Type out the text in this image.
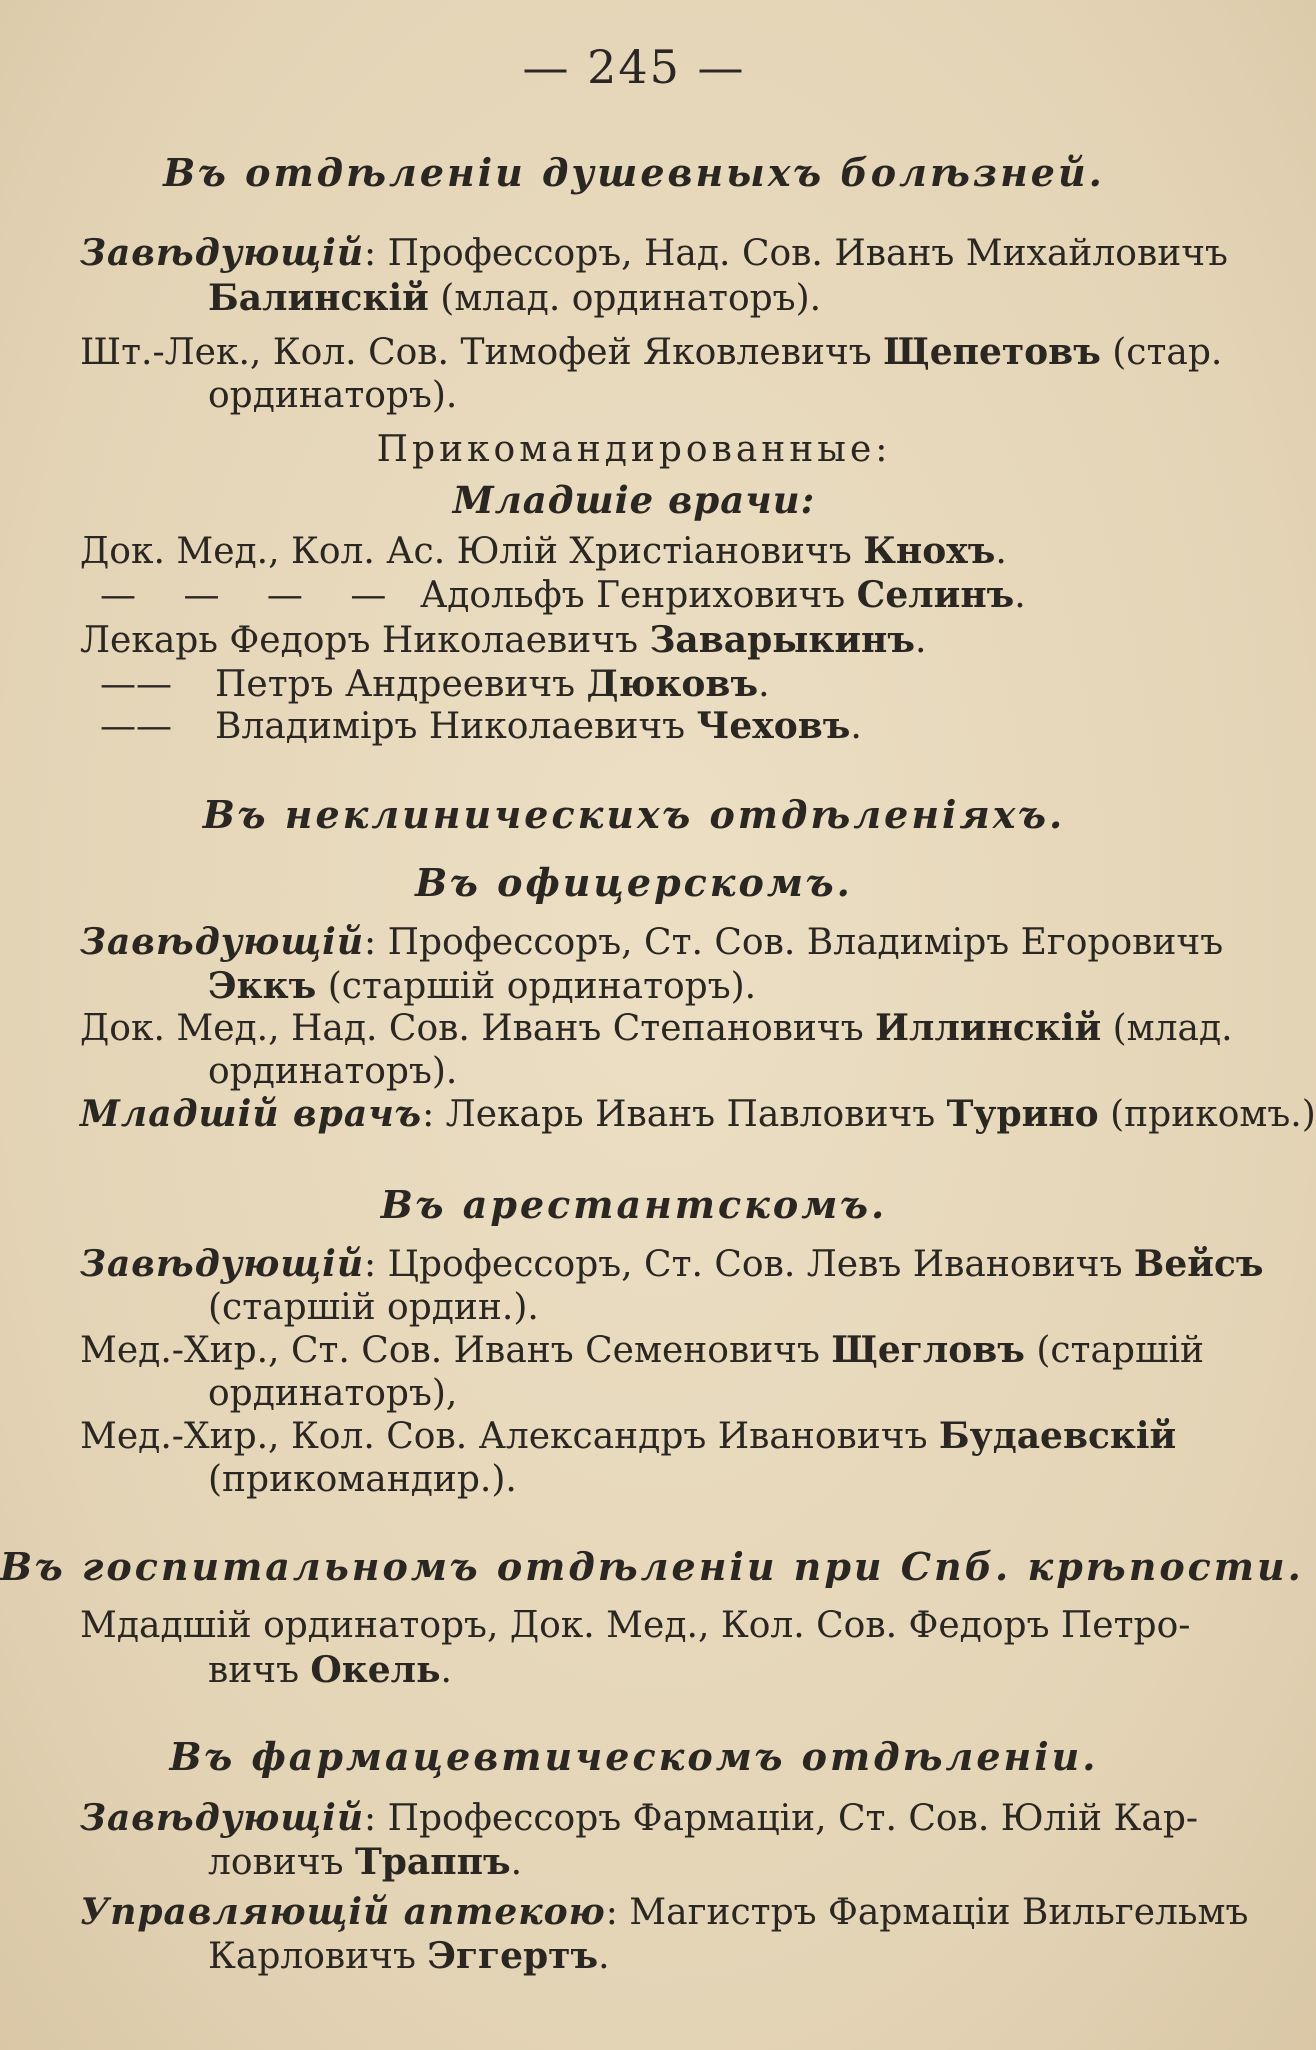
— 245 —
Въ отдѣленіи душевныхъ болѣзней.
Завѣдующій: Профессоръ, Над. Сов. Иванъ Михайловичъ
Балинскій (млад. ординаторъ).
Шт.-Лек., Кол. Сов. Тимофей Яковлевичъ Щепетовъ (стар.
ординаторъ).
Прикомандированные:
Младшіе врачи:
Док. Мед., Кол. Ас. Юлій Христіановичъ Кнохъ.
— — — — Адольфъ Генриховичъ Селинъ.
Лекарь Федоръ Николаевичъ Заварыкинъ.
—— Петръ Андреевичъ Дюковъ.
—— Владиміръ Николаевичъ Чеховъ.
Въ неклиническихъ отдѣленіяхъ.
Въ офицерскомъ.
Завѣдующій: Профессоръ, Ст. Сов. Владиміръ Егоровичъ
Эккъ (старшій ординаторъ).
Док. Мед., Над. Сов. Иванъ Степановичъ Иллинскій (млад.
ординаторъ).
Младшій врачъ: Лекарь Иванъ Павловичъ Турино (прикомъ.)
Въ арестантскомъ.
Завѣдующій: Црофессоръ, Ст. Сов. Левъ Ивановичъ Вейсъ
(старшій ордин.).
Мед.-Хир., Ст. Сов. Иванъ Семеновичъ Щегловъ (старшій
ординаторъ),
Мед.-Хир., Кол. Сов. Александръ Ивановичъ Будаевскій
(прикомандир.).
Въ госпитальномъ отдѣленіи при Спб. крѣпости.
Мдадшій ординаторъ, Док. Мед., Кол. Сов. Федоръ Петро-
вичъ Окель.
Въ фармацевтическомъ отдѣленіи.
Завѣдующій: Профессоръ Фармаціи, Ст. Сов. Юлій Кар-
ловичъ Траппъ.
Управляющій аптекою: Магистръ Фармаціи Вильгельмъ
Карловичъ Эггертъ.
